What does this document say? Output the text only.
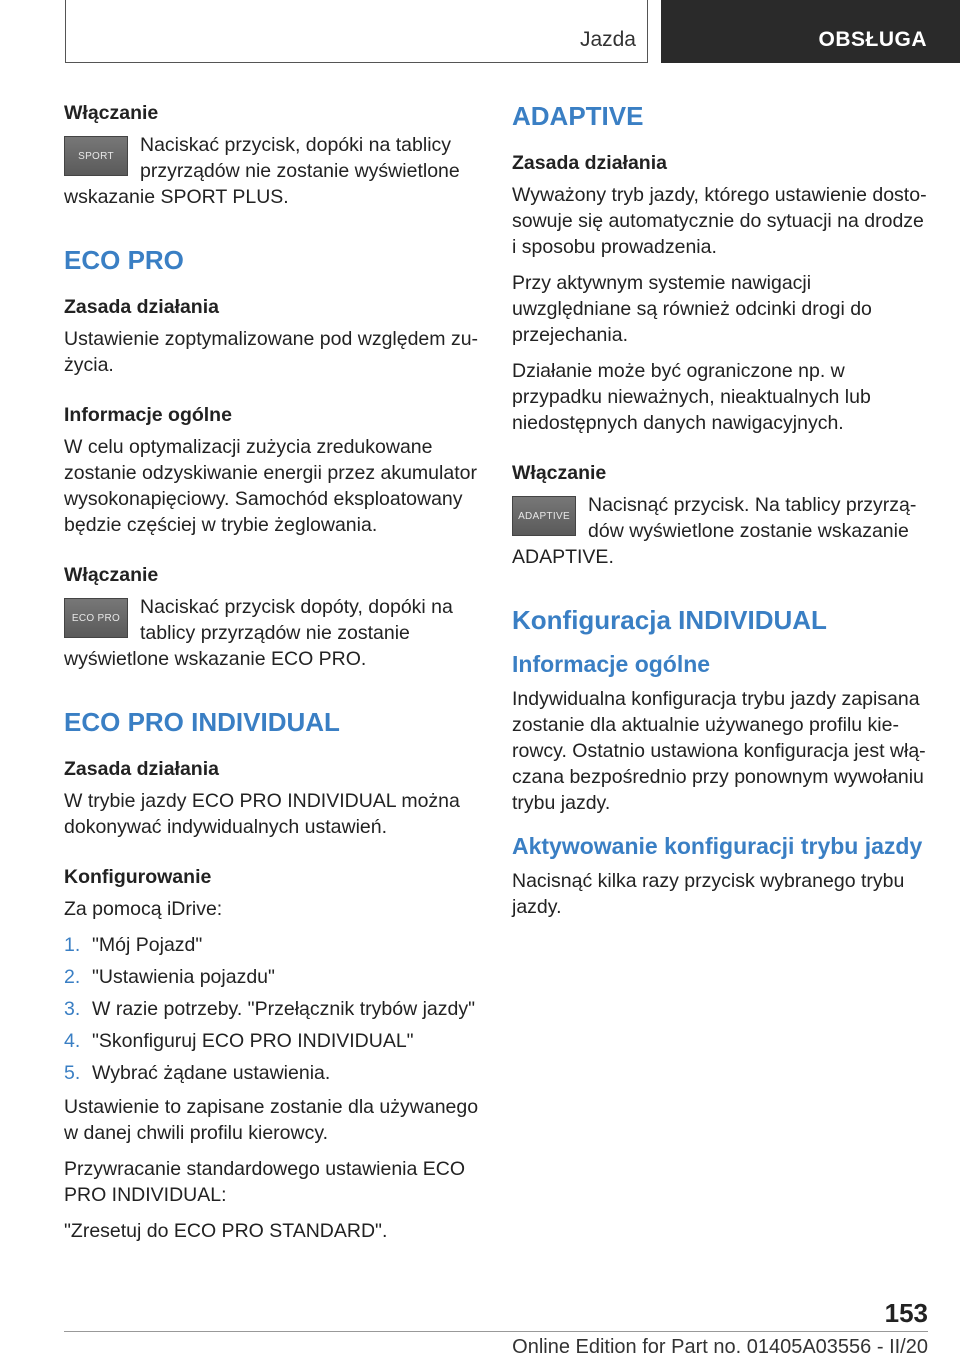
Jazda	OBSŁUGA
Włączanie
SPORT	Naciskać przycisk, dopóki na tablicy przyrządów nie zostanie wyświetlone wskazanie SPORT PLUS.

ECO PRO
Zasada działania

Ustawienie zoptymalizowane pod względem zużycia.

Informacje ogólne

W celu optymalizacji zużycia zredukowane zostanie odzyskiwanie energii przez akumulator wysokonapięciowy. Samochód eksploatowany będzie częściej w trybie żeglowania.

Włączanie
ECO PRO	Naciskać przycisk dopóty, dopóki na tablicy przyrządów nie zostanie wyświetlone wskazanie ECO PRO.

ECO PRO INDIVIDUAL
Zasada działania

W trybie jazdy ECO PRO INDIVIDUAL można dokonywać indywidualnych ustawień.

Konfigurowanie

Za pomocą iDrive:

1. "Mój Pojazd"
2. "Ustawienia pojazdu"
3. W razie potrzeby. "Przełącznik trybów jazdy"
4. "Skonfiguruj ECO PRO INDIVIDUAL"
5. Wybrać żądane ustawienia.

Ustawienie to zapisane zostanie dla używanego w danej chwili profilu kierowcy.

Przywracanie standardowego ustawienia ECO PRO INDIVIDUAL:

"Zresetuj do ECO PRO STANDARD".

ADAPTIVE
Zasada działania

Wyważony tryb jazdy, którego ustawienie dostosowuje się automatycznie do sytuacji na drodze i sposobu prowadzenia.

Przy aktywnym systemie nawigacji uwzględniane są również odcinki drogi do przejechania.

Działanie może być ograniczone np. w przypadku nieważnych, nieaktualnych lub niedostępnych danych nawigacyjnych.

Włączanie
ADAPTIVE Nacisnąć przycisk. Na tablicy przyrządów wyświetlone zostanie wskazanie ADAPTIVE.

Konfiguracja INDIVIDUAL
Informacje ogólne

Indywidualna konfiguracja trybu jazdy zapisana zostanie dla aktualnie używanego profilu kierowcy. Ostatnio ustawiona konfiguracja jest włączana bezpośrednio przy ponownym wywołaniu trybu jazdy.

Aktywowanie konfiguracji trybu jazdy

Nacisnąć kilka razy przycisk wybranego trybu jazdy.

153
Online Edition for Part no. 01405A03556 - II/20
